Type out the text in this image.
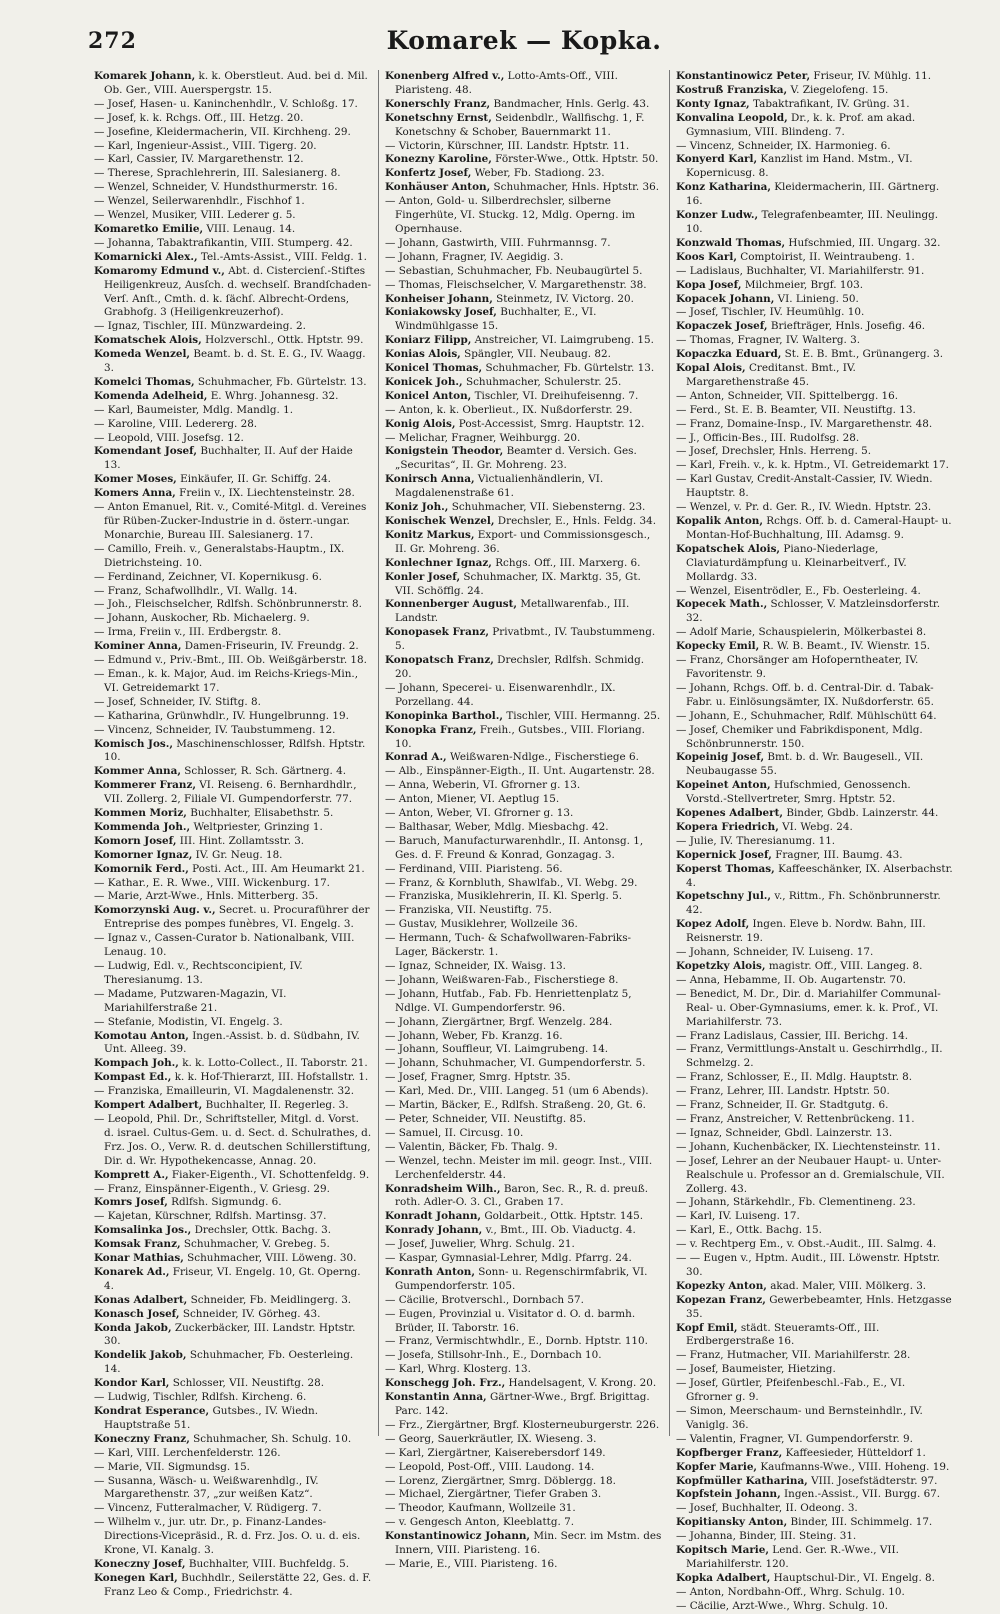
272	Komarek — Kopka.
Komarek Johann, k. k. Oberstleut. Aud. bei d. Mil. Ob. Ger., VIII. Auerspergstr. 15.
— Josef, Hasen- u. Kaninchenhdlr., V. Schloßg. 17.
— Josef, k. k. Rchgs. Off., III. Hetzg. 20.
— Josefine, Kleidermacherin, VII. Kirchheng. 29.
— Karl, Ingenieur-Assist., VIII. Tigerg. 20.
— Karl, Cassier, IV. Margarethenstr. 12.
— Therese, Sprachlehrerin, III. Salesianerg. 8.
— Wenzel, Schneider, V. Hundsthurmerstr. 16.
— Wenzel, Seilerwarenhdlr., Fischhof 1.
— Wenzel, Musiker, VIII. Lederer g. 5.
Komaretko Emilie, VIII. Lenaug. 14.
— Johanna, Tabaktrafikantin, VIII. Stumperg. 42.
Komarnicki Alex., Tel.-Amts-Assist., VIII. Feldg. 1.
Komaromy Edmund v., Abt. d. Cistercienſ.-Stiftes Heiligenkreuz, Ausſch. d. wechselſ. Brandſchaden-Verſ. Anſt., Cmth. d. k. ſächſ. Albrecht-Ordens, Grabhofg. 3 (Heiligenkreuzerhof).
— Ignaz, Tischler, III. Münzwardeing. 2.
Komatschek Alois, Holzverschl., Ottk. Hptstr. 99.
Komeda Wenzel, Beamt. b. d. St. E. G., IV. Waagg. 3.
Komelci Thomas, Schuhmacher, Fb. Gürtelstr. 13.
Komenda Adelheid, E. Whrg. Johannesg. 32.
— Karl, Baumeister, Mdlg. Mandlg. 1.
— Karoline, VIII. Ledererg. 28.
— Leopold, VIII. Josefsg. 12.
Komendant Josef, Buchhalter, II. Auf der Haide 13.
Komer Moses, Einkäufer, II. Gr. Schiffg. 24.
Komers Anna, Freiin v., IX. Liechtensteinstr. 28.
— Anton Emanuel, Rit. v., Comité-Mitgl. d. Vereines für Rüben-Zucker-Industrie in d. österr.-ungar. Monarchie, Bureau III. Salesianerg. 17.
— Camillo, Freih. v., Generalstabs-Hauptm., IX. Dietrichsteing. 10.
— Ferdinand, Zeichner, VI. Kopernikusg. 6.
— Franz, Schafwollhdlr., VI. Wallg. 14.
— Joh., Fleischselcher, Rdlfsh. Schönbrunnerstr. 8.
— Johann, Auskocher, Rb. Michaelerg. 9.
— Irma, Freiin v., III. Erdbergstr. 8.
Kominer Anna, Damen-Friseurin, IV. Freundg. 2.
— Edmund v., Priv.-Bmt., III. Ob. Weißgärberstr. 18.
— Eman., k. k. Major, Aud. im Reichs-Kriegs-Min., VI. Getreidemarkt 17.
— Josef, Schneider, IV. Stiftg. 8.
— Katharina, Grünwhdlr., IV. Hungelbrunng. 19.
— Vincenz, Schneider, IV. Taubstummeng. 12.
Komisch Jos., Maschinenschlosser, Rdlfsh. Hptstr. 10.
Kommer Anna, Schlosser, R. Sch. Gärtnerg. 4.
Kommerer Franz, VI. Reiseng. 6. Bernhardhdlr., VII. Zollerg. 2, Filiale VI. Gumpendorferstr. 77.
Kommen Moriz, Buchhalter, Elisabethstr. 5.
Kommenda Joh., Weltpriester, Grinzing 1.
Komorn Josef, III. Hint. Zollamtsstr. 3.
Komorner Ignaz, IV. Gr. Neug. 18.
Komornik Ferd., Posti. Act., III. Am Heumarkt 21.
— Kathar., E. R. Wwe., VIII. Wickenburg. 17.
— Marie, Arzt-Wwe., Hnls. Mitterberg. 35.
Komorzynski Aug. v., Secret. u. Procuraführer der Entreprise des pompes funèbres, VI. Engelg. 3.
— Ignaz v., Cassen-Curator b. Nationalbank, VIII. Lenaug. 10.
— Ludwig, Edl. v., Rechtsconcipient, IV. Theresianumg. 13.
— Madame, Putzwaren-Magazin, VI. Mariahilferstraße 21.
— Stefanie, Modistin, VI. Engelg. 3.
Komotau Anton, Ingen.-Assist. b. d. Südbahn, IV. Unt. Alleeg. 39.
Kompach Joh., k. k. Lotto-Collect., II. Taborstr. 21.
Kompast Ed., k. k. Hof-Thierarzt, III. Hofstallstr. 1.
— Franziska, Emailleurin, VI. Magdalenenstr. 32.
Kompert Adalbert, Buchhalter, II. Regerleg. 3.
— Leopold, Phil. Dr., Schriftsteller, Mitgl. d. Vorst. d. israel. Cultus-Gem. u. d. Sect. d. Schulrathes, d. Frz. Jos. O., Verw. R. d. deutschen Schillerstiftung, Dir. d. Wr. Hypothekencasse, Annag. 20.
Komprett A., Fiaker-Eigenth., VI. Schottenfeldg. 9.
— Franz, Einspänner-Eigenth., V. Griesg. 29.
Komrs Josef, Rdlfsh. Sigmundg. 6.
— Kajetan, Kürschner, Rdlfsh. Martinsg. 37.
Komsalinka Jos., Drechsler, Ottk. Bachg. 3.
Komsak Franz, Schuhmacher, V. Grebeg. 5.
Konar Mathias, Schuhmacher, VIII. Löweng. 30.
Konarek Ad., Friseur, VI. Engelg. 10, Gt. Operng. 4.
Konas Adalbert, Schneider, Fb. Meidlingerg. 3.
Konasch Josef, Schneider, IV. Görheg. 43.
Konda Jakob, Zuckerbäcker, III. Landstr. Hptstr. 30.
Kondelik Jakob, Schuhmacher, Fb. Oesterleing. 14.
Kondor Karl, Schlosser, VII. Neustiftg. 28.
— Ludwig, Tischler, Rdlfsh. Kircheng. 6.
Kondrat Esperance, Gutsbes., IV. Wiedn. Hauptstraße 51.
Koneczny Franz, Schuhmacher, Sh. Schulg. 10.
— Karl, VIII. Lerchenfelderstr. 126.
— Marie, VII. Sigmundsg. 15.
— Susanna, Wäsch- u. Weißwarenhdlg., IV. Margarethenstr. 37, „zur weißen Katz“.
— Vincenz, Futteralmacher, V. Rüdigerg. 7.
— Wilhelm v., jur. utr. Dr., p. Finanz-Landes-Directions-Vicepräsid., R. d. Frz. Jos. O. u. d. eis. Krone, VI. Kanalg. 3.
Koneczny Josef, Buchhalter, VIII. Buchfeldg. 5.
Konegen Karl, Buchhdlr., Seilerstätte 22, Ges. d. F. Franz Leo & Comp., Friedrichstr. 4.
Konenberg Alfred v., Lotto-Amts-Off., VIII. Piaristeng. 48.
Konerschly Franz, Bandmacher, Hnls. Gerlg. 43.
Konetschny Ernst, Seidenbdlr., Wallfischg. 1, F. Konetschny & Schober, Bauernmarkt 11.
— Victorin, Kürschner, III. Landstr. Hptstr. 11.
Konezny Karoline, Förster-Wwe., Ottk. Hptstr. 50.
Konfertz Josef, Weber, Fb. Stadiong. 23.
Konhäuser Anton, Schuhmacher, Hnls. Hptstr. 36.
— Anton, Gold- u. Silberdrechsler, silberne Fingerhüte, VI. Stuckg. 12, Mdlg. Operng. im Opernhause.
— Johann, Gastwirth, VIII. Fuhrmannsg. 7.
— Johann, Fragner, IV. Aegidig. 3.
— Sebastian, Schuhmacher, Fb. Neubaugürtel 5.
— Thomas, Fleischselcher, V. Margarethenstr. 38.
Konheiser Johann, Steinmetz, IV. Victorg. 20.
Koniakowsky Josef, Buchhalter, E., VI. Windmühlgasse 15.
Koniarz Filipp, Anstreicher, VI. Laimgrubeng. 15.
Konias Alois, Spängler, VII. Neubaug. 82.
Konicel Thomas, Schuhmacher, Fb. Gürtelstr. 13.
Konicek Joh., Schuhmacher, Schulerstr. 25.
Konicel Anton, Tischler, VI. Dreihufeisenng. 7.
— Anton, k. k. Oberlieut., IX. Nußdorferstr. 29.
Konig Alois, Post-Accessist, Smrg. Hauptstr. 12.
— Melichar, Fragner, Weihburgg. 20.
Konigstein Theodor, Beamter d. Versich. Ges. „Securitas“, II. Gr. Mohreng. 23.
Konirsch Anna, Victualienhändlerin, VI. Magdalenenstraße 61.
Koniz Joh., Schuhmacher, VII. Siebensterng. 23.
Konischek Wenzel, Drechsler, E., Hnls. Feldg. 34.
Konitz Markus, Export- und Commissionsgesch., II. Gr. Mohreng. 36.
Konlechner Ignaz, Rchgs. Off., III. Marxerg. 6.
Konler Josef, Schuhmacher, IX. Marktg. 35, Gt. VII. Schöfflg. 24.
Konnenberger August, Metallwarenfab., III. Landstr.
Konopasek Franz, Privatbmt., IV. Taubstummeng. 5.
Konopatsch Franz, Drechsler, Rdlfsh. Schmidg. 20.
— Johann, Specerei- u. Eisenwarenhdlr., IX. Porzellang. 44.
Konopinka Barthol., Tischler, VIII. Hermanng. 25.
Konopka Franz, Freih., Gutsbes., VIII. Floriang. 10.
Konrad A., Weißwaren-Ndlge., Fischerstiege 6.
— Alb., Einspänner-Eigth., II. Unt. Augartenstr. 28.
— Anna, Weberin, VI. Gfrorner g. 13.
— Anton, Miener, VI. Aeptlug 15.
— Anton, Weber, VI. Gfrorner g. 13.
— Balthasar, Weber, Mdlg. Miesbachg. 42.
— Baruch, Manufacturwarenhdlr., II. Antonsg. 1, Ges. d. F. Freund & Konrad, Gonzagag. 3.
— Ferdinand, VIII. Piaristeng. 56.
— Franz, & Kornbluth, Shawlfab., VI. Webg. 29.
— Franziska, Musiklehrerin, II. Kl. Sperlg. 5.
— Franziska, VII. Neustiftg. 75.
— Gustav, Musiklehrer, Wollzeile 36.
— Hermann, Tuch- & Schafwollwaren-Fabriks-Lager, Bäckerstr. 1.
— Ignaz, Schneider, IX. Waisg. 13.
— Johann, Weißwaren-Fab., Fischerstiege 8.
— Johann, Hutfab., Fab. Fb. Henriettenplatz 5, Ndlge. VI. Gumpendorferstr. 96.
— Johann, Ziergärtner, Brgf. Wenzelg. 284.
— Johann, Weber, Fb. Kranzg. 16.
— Johann, Souffleur, VI. Laimgrubeng. 14.
— Johann, Schuhmacher, VI. Gumpendorferstr. 5.
— Josef, Fragner, Smrg. Hptstr. 35.
— Karl, Med. Dr., VIII. Langeg. 51 (um 6 Abends).
— Martin, Bäcker, E., Rdlfsh. Straßeng. 20, Gt. 6.
— Peter, Schneider, VII. Neustiftg. 85.
— Samuel, II. Circusg. 10.
— Valentin, Bäcker, Fb. Thalg. 9.
— Wenzel, techn. Meister im mil. geogr. Inst., VIII. Lerchenfelderstr. 44.
Konradsheim Wilh., Baron, Sec. R., R. d. preuß. roth. Adler-O. 3. Cl., Graben 17.
Konradt Johann, Goldarbeit., Ottk. Hptstr. 145.
Konrady Johann, v., Bmt., III. Ob. Viaductg. 4.
— Josef, Juwelier, Whrg. Schulg. 21.
— Kaspar, Gymnasial-Lehrer, Mdlg. Pfarrg. 24.
Konrath Anton, Sonn- u. Regenschirmfabrik, VI. Gumpendorferstr. 105.
— Cäcilie, Brotverschl., Dornbach 57.
— Eugen, Provinzial u. Visitator d. O. d. barmh. Brüder, II. Taborstr. 16.
— Franz, Vermischtwhdlr., E., Dornb. Hptstr. 110.
— Josefa, Stillsohr-Inh., E., Dornbach 10.
— Karl, Whrg. Klosterg. 13.
Konschegg Joh. Frz., Handelsagent, V. Krong. 20.
Konstantin Anna, Gärtner-Wwe., Brgf. Brigittag. Parc. 142.
— Frz., Ziergärtner, Brgf. Klosterneuburgerstr. 226.
— Georg, Sauerkräutler, IX. Wieseng. 3.
— Karl, Ziergärtner, Kaiserebersdorf 149.
— Leopold, Post-Off., VIII. Laudong. 14.
— Lorenz, Ziergärtner, Smrg. Döblergg. 18.
— Michael, Ziergärtner, Tiefer Graben 3.
— Theodor, Kaufmann, Wollzeile 31.
— v. Gengesch Anton, Kleeblattg. 7.
Konstantinowicz Johann, Min. Secr. im Mstm. des Innern, VIII. Piaristeng. 16.
— Marie, E., VIII. Piaristeng. 16.
Konstantinowicz Peter, Friseur, IV. Mühlg. 11.
Kostruß Franziska, V. Ziegelofeng. 15.
Konty Ignaz, Tabaktrafikant, IV. Grüng. 31.
Konvalina Leopold, Dr., k. k. Prof. am akad. Gymnasium, VIII. Blindeng. 7.
— Vincenz, Schneider, IX. Harmonieg. 6.
Konyerd Karl, Kanzlist im Hand. Mstm., VI. Kopernicusg. 8.
Konz Katharina, Kleidermacherin, III. Gärtnerg. 16.
Konzer Ludw., Telegrafenbeamter, III. Neulingg. 10.
Konzwald Thomas, Hufschmied, III. Ungarg. 32.
Koos Karl, Comptoirist, II. Weintraubeng. 1.
— Ladislaus, Buchhalter, VI. Mariahilferstr. 91.
Kopa Josef, Milchmeier, Brgf. 103.
Kopacek Johann, VI. Linieng. 50.
— Josef, Tischler, IV. Heumühlg. 10.
Kopaczek Josef, Briefträger, Hnls. Josefig. 46.
— Thomas, Fragner, IV. Walterg. 3.
Kopaczka Eduard, St. E. B. Bmt., Grünangerg. 3.
Kopal Alois, Creditanst. Bmt., IV. Margarethenstraße 45.
— Anton, Schneider, VII. Spittelbergg. 16.
— Ferd., St. E. B. Beamter, VII. Neustiftg. 13.
— Franz, Domaine-Insp., IV. Margarethenstr. 48.
— J., Officin-Bes., III. Rudolfsg. 28.
— Josef, Drechsler, Hnls. Herreng. 5.
— Karl, Freih. v., k. k. Hptm., VI. Getreidemarkt 17.
— Karl Gustav, Credit-Anstalt-Cassier, IV. Wiedn. Hauptstr. 8.
— Wenzel, v. Pr. d. Ger. R., IV. Wiedn. Hptstr. 23.
Kopalik Anton, Rchgs. Off. b. d. Cameral-Haupt- u. Montan-Hof-Buchhaltung, III. Adamsg. 9.
Kopatschek Alois, Piano-Niederlage, Claviaturdämpfung u. Kleinarbeitverf., IV. Mollardg. 33.
— Wenzel, Eisentrödler, E., Fb. Oesterleing. 4.
Kopecek Math., Schlosser, V. Matzleinsdorferstr. 32.
— Adolf Marie, Schauspielerin, Mölkerbastei 8.
Kopecky Emil, R. W. B. Beamt., IV. Wienstr. 15.
— Franz, Chorsänger am Hofoperntheater, IV. Favoritenstr. 9.
— Johann, Rchgs. Off. b. d. Central-Dir. d. Tabak-Fabr. u. Einlösungsämter, IX. Nußdorferstr. 65.
— Johann, E., Schuhmacher, Rdlf. Mühlschütt 64.
— Josef, Chemiker und Fabrikdisponent, Mdlg. Schönbrunnerstr. 150.
Kopeinig Josef, Bmt. b. d. Wr. Baugesell., VII. Neubaugasse 55.
Kopeinet Anton, Hufschmied, Genossench. Vorstd.-Stellvertreter, Smrg. Hptstr. 52.
Kopenes Adalbert, Binder, Gbdb. Lainzerstr. 44.
Kopera Friedrich, VI. Webg. 24.
— Julie, IV. Theresianumg. 11.
Kopernick Josef, Fragner, III. Baumg. 43.
Koperst Thomas, Kaffeeschänker, IX. Alserbachstr. 4.
Kopetschny Jul., v., Rittm., Fh. Schönbrunnerstr. 42.
Kopez Adolf, Ingen. Eleve b. Nordw. Bahn, III. Reisnerstr. 19.
— Johann, Schneider, IV. Luiseng. 17.
Kopetzky Alois, magistr. Off., VIII. Langeg. 8.
— Anna, Hebamme, II. Ob. Augartenstr. 70.
— Benedict, M. Dr., Dir. d. Mariahilfer Communal-Real- u. Ober-Gymnasiums, emer. k. k. Prof., VI. Mariahilferstr. 73.
— Franz Ladislaus, Cassier, III. Berichg. 14.
— Franz, Vermittlungs-Anstalt u. Geschirrhdlg., II. Schmelzg. 2.
— Franz, Schlosser, E., II. Mdlg. Hauptstr. 8.
— Franz, Lehrer, III. Landstr. Hptstr. 50.
— Franz, Schneider, II. Gr. Stadtgutg. 6.
— Franz, Anstreicher, V. Rettenbrückeng. 11.
— Ignaz, Schneider, Gbdl. Lainzerstr. 13.
— Johann, Kuchenbäcker, IX. Liechtensteinstr. 11.
— Josef, Lehrer an der Neubauer Haupt- u. Unter-Realschule u. Professor an d. Gremialschule, VII. Zollerg. 43.
— Johann, Stärkehdlr., Fb. Clementineng. 23.
— Karl, IV. Luiseng. 17.
— Karl, E., Ottk. Bachg. 15.
— v. Rechtperg Em., v. Obst.-Audit., III. Salmg. 4.
— — Eugen v., Hptm. Audit., III. Löwenstr. Hptstr. 30.
Kopezky Anton, akad. Maler, VIII. Mölkerg. 3.
Kopezan Franz, Gewerbebeamter, Hnls. Hetzgasse 35.
Kopf Emil, städt. Steueramts-Off., III. Erdbergerstraße 16.
— Franz, Hutmacher, VII. Mariahilferstr. 28.
— Josef, Baumeister, Hietzing.
— Josef, Gürtler, Pfeifenbeschl.-Fab., E., VI. Gfrorner g. 9.
— Simon, Meerschaum- und Bernsteinhdlr., IV. Vaniglg. 36.
— Valentin, Fragner, VI. Gumpendorferstr. 9.
Kopfberger Franz, Kaffeesieder, Hütteldorf 1.
Kopfer Marie, Kaufmanns-Wwe., VIII. Hoheng. 19.
Kopfmüller Katharina, VIII. Josefstädterstr. 97.
Kopfstein Johann, Ingen.-Assist., VII. Burgg. 67.
— Josef, Buchhalter, II. Odeong. 3.
Kopitiansky Anton, Binder, III. Schimmelg. 17.
— Johanna, Binder, III. Steing. 31.
Kopitsch Marie, Lend. Ger. R.-Wwe., VII. Mariahilferstr. 120.
Kopka Adalbert, Hauptschul-Dir., VI. Engelg. 8.
— Anton, Nordbahn-Off., Whrg. Schulg. 10.
— Cäcilie, Arzt-Wwe., Whrg. Schulg. 10.
